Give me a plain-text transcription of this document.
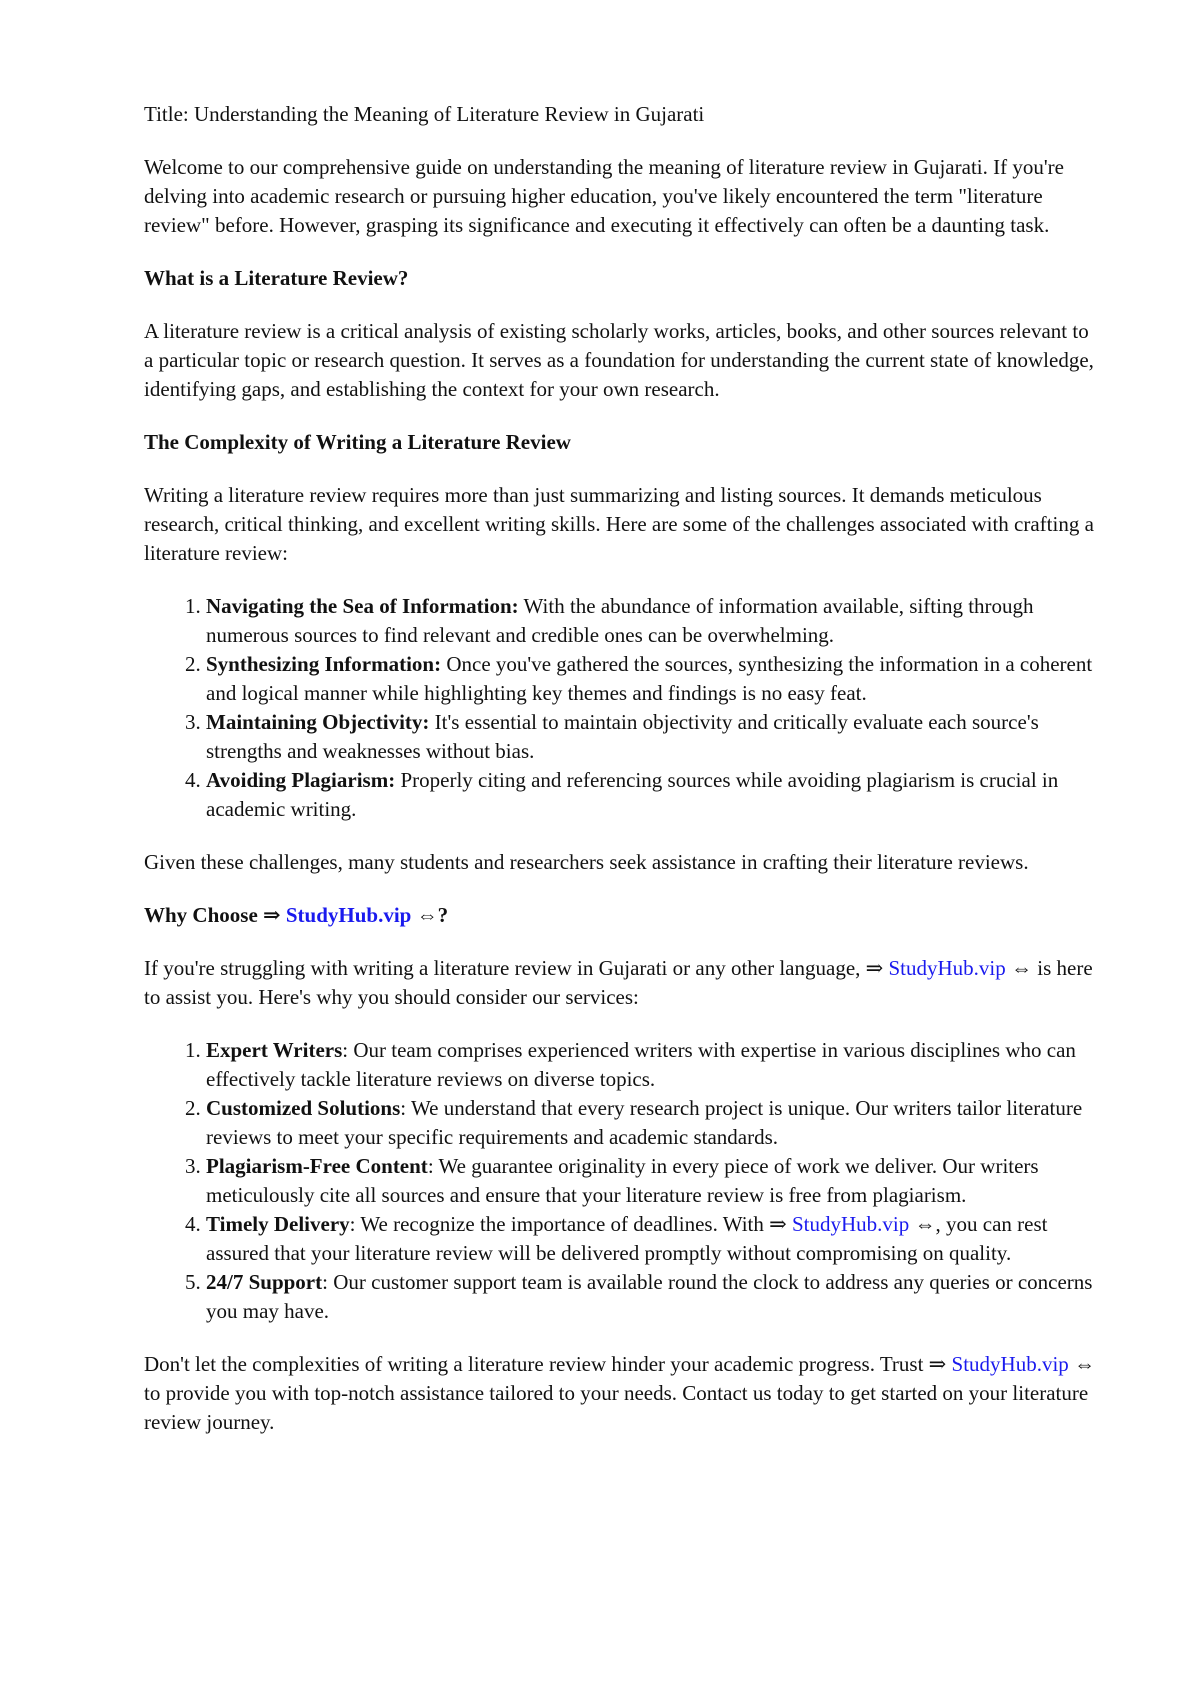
Title: Understanding the Meaning of Literature Review in Gujarati

Welcome to our comprehensive guide on understanding the meaning of literature review in Gujarati. If you're delving into academic research or pursuing higher education, you've likely encountered the term "literature review" before. However, grasping its significance and executing it effectively can often be a daunting task.

What is a Literature Review?

A literature review is a critical analysis of existing scholarly works, articles, books, and other sources relevant to a particular topic or research question. It serves as a foundation for understanding the current state of knowledge, identifying gaps, and establishing the context for your own research.

The Complexity of Writing a Literature Review

Writing a literature review requires more than just summarizing and listing sources. It demands meticulous research, critical thinking, and excellent writing skills. Here are some of the challenges associated with crafting a literature review:

1. Navigating the Sea of Information: With the abundance of information available, sifting through numerous sources to find relevant and credible ones can be overwhelming.
2. Synthesizing Information: Once you've gathered the sources, synthesizing the information in a coherent and logical manner while highlighting key themes and findings is no easy feat.
3. Maintaining Objectivity: It's essential to maintain objectivity and critically evaluate each source's strengths and weaknesses without bias.
4. Avoiding Plagiarism: Properly citing and referencing sources while avoiding plagiarism is crucial in academic writing.

Given these challenges, many students and researchers seek assistance in crafting their literature reviews.

Why Choose ⇒ StudyHub.vip ⇔?

If you're struggling with writing a literature review in Gujarati or any other language, ⇒ StudyHub.vip ⇔ is here to assist you. Here's why you should consider our services:

1. Expert Writers: Our team comprises experienced writers with expertise in various disciplines who can effectively tackle literature reviews on diverse topics.
2. Customized Solutions: We understand that every research project is unique. Our writers tailor literature reviews to meet your specific requirements and academic standards.
3. Plagiarism-Free Content: We guarantee originality in every piece of work we deliver. Our writers meticulously cite all sources and ensure that your literature review is free from plagiarism.
4. Timely Delivery: We recognize the importance of deadlines. With ⇒ StudyHub.vip ⇔, you can rest assured that your literature review will be delivered promptly without compromising on quality.
5. 24/7 Support: Our customer support team is available round the clock to address any queries or concerns you may have.

Don't let the complexities of writing a literature review hinder your academic progress. Trust ⇒ StudyHub.vip ⇔ to provide you with top-notch assistance tailored to your needs. Contact us today to get started on your literature review journey.
